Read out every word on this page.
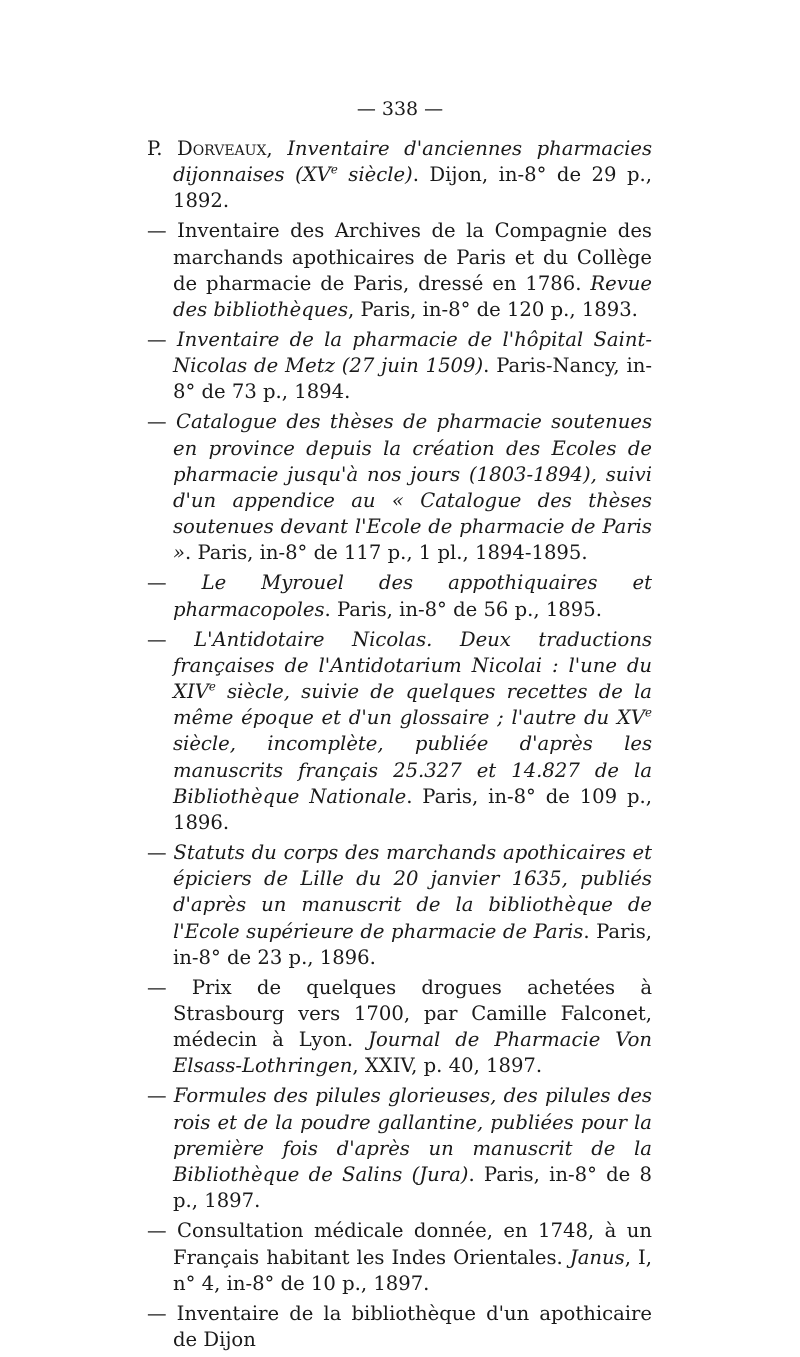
— 338 —

P. Dorveaux, Inventaire d'anciennes pharmacies dijonnaises (XVe siècle). Dijon, in-8° de 29 p., 1892.

— Inventaire des Archives de la Compagnie des marchands apothicaires de Paris et du Collège de pharmacie de Paris, dressé en 1786. Revue des bibliothèques, Paris, in-8° de 120 p., 1893.

— Inventaire de la pharmacie de l'hôpital Saint-Nicolas de Metz (27 juin 1509). Paris-Nancy, in-8° de 73 p., 1894.

— Catalogue des thèses de pharmacie soutenues en province depuis la création des Ecoles de pharmacie jusqu'à nos jours (1803-1894), suivi d'un appendice au « Catalogue des thèses soutenues devant l'Ecole de pharmacie de Paris ». Paris, in-8° de 117 p., 1 pl., 1894-1895.

— Le Myrouel des appothiquaires et pharmacopoles. Paris, in-8° de 56 p., 1895.

— L'Antidotaire Nicolas. Deux traductions françaises de l'Antidotarium Nicolai : l'une du XIVe siècle, suivie de quelques recettes de la même époque et d'un glossaire ; l'autre du XVe siècle, incomplète, publiée d'après les manuscrits français 25.327 et 14.827 de la Bibliothèque Nationale. Paris, in-8° de 109 p., 1896.

— Statuts du corps des marchands apothicaires et épiciers de Lille du 20 janvier 1635, publiés d'après un manuscrit de la bibliothèque de l'Ecole supérieure de pharmacie de Paris. Paris, in-8° de 23 p., 1896.

— Prix de quelques drogues achetées à Strasbourg vers 1700, par Camille Falconet, médecin à Lyon. Journal de Pharmacie Von Elsass-Lothringen, XXIV, p. 40, 1897.

— Formules des pilules glorieuses, des pilules des rois et de la poudre gallantine, publiées pour la première fois d'après un manuscrit de la Bibliothèque de Salins (Jura). Paris, in-8° de 8 p., 1897.

— Consultation médicale donnée, en 1748, à un Français habitant les Indes Orientales. Janus, I, n° 4, in-8° de 10 p., 1897.

— Inventaire de la bibliothèque d'un apothicaire de Dijon
